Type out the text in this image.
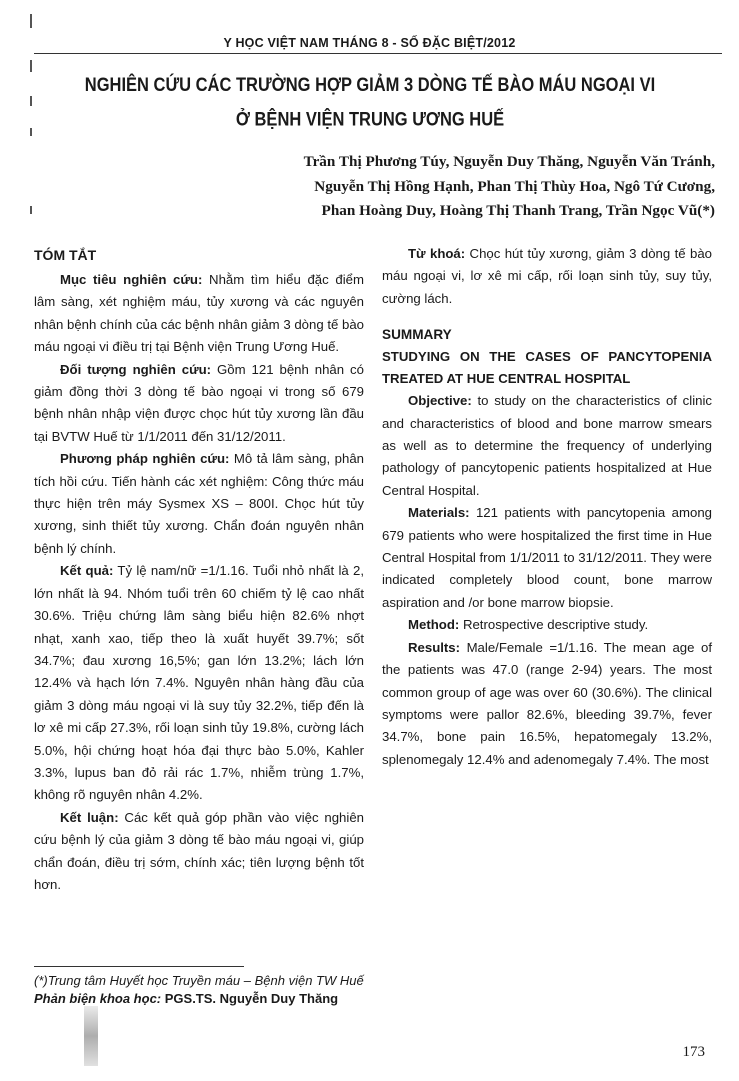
Y HỌC VIỆT NAM THÁNG 8 - SỐ ĐẶC BIỆT/2012
NGHIÊN CỨU CÁC TRƯỜNG HỢP GIẢM 3 DÒNG TẾ BÀO MÁU NGOẠI VI
Ở BỆNH VIỆN TRUNG ƯƠNG HUẾ
Trần Thị Phương Túy, Nguyễn Duy Thăng, Nguyễn Văn Tránh,
Nguyễn Thị Hồng Hạnh, Phan Thị Thùy Hoa, Ngô Tứ Cương,
Phan Hoàng Duy, Hoàng Thị Thanh Trang, Trần Ngọc Vũ(*)
TÓM TẮT

Mục tiêu nghiên cứu: Nhằm tìm hiểu đặc điểm lâm sàng, xét nghiệm máu, tủy xương và các nguyên nhân bệnh chính của các bệnh nhân giảm 3 dòng tế bào máu ngoại vi điều trị tại Bệnh viện Trung Ương Huế.

Đối tượng nghiên cứu: Gồm 121 bệnh nhân có giảm đồng thời 3 dòng tế bào ngoại vi trong số 679 bệnh nhân nhập viện được chọc hút tủy xương lần đầu tại BVTW Huế từ 1/1/2011 đến 31/12/2011.

Phương pháp nghiên cứu: Mô tả lâm sàng, phân tích hồi cứu. Tiến hành các xét nghiệm: Công thức máu thực hiện trên máy Sysmex XS – 800I. Chọc hút tủy xương, sinh thiết tủy xương. Chẩn đoán nguyên nhân bệnh lý chính.

Kết quả: Tỷ lệ nam/nữ =1/1.16. Tuổi nhỏ nhất là 2, lớn nhất là 94. Nhóm tuổi trên 60 chiếm tỷ lệ cao nhất 30.6%. Triệu chứng lâm sàng biểu hiện 82.6% nhợt nhạt, xanh xao, tiếp theo là xuất huyết 39.7%; sốt 34.7%; đau xương 16,5%; gan lớn 13.2%; lách lớn 12.4% và hạch lớn 7.4%. Nguyên nhân hàng đầu của giảm 3 dòng máu ngoại vi là suy tủy 32.2%, tiếp đến là lơ xê mi cấp 27.3%, rối loạn sinh tủy 19.8%, cường lách 5.0%, hội chứng hoạt hóa đại thực bào 5.0%, Kahler 3.3%, lupus ban đỏ rải rác 1.7%, nhiễm trùng 1.7%, không rõ nguyên nhân 4.2%.

Kết luận: Các kết quả góp phần vào việc nghiên cứu bệnh lý của giảm 3 dòng tế bào máu ngoại vi, giúp chẩn đoán, điều trị sớm, chính xác; tiên lượng bệnh tốt hơn.

Từ khoá: Chọc hút tủy xương, giảm 3 dòng tế bào máu ngoại vi, lơ xê mi cấp, rối loạn sinh tủy, suy tủy, cường lách.

SUMMARY

STUDYING ON THE CASES OF PANCYTOPENIA TREATED AT HUE CENTRAL HOSPITAL

Objective: to study on the characteristics of clinic and characteristics of blood and bone marrow smears as well as to determine the frequency of underlying pathology of pancytopenic patients hospitalized at Hue Central Hospital.

Materials: 121 patients with pancytopenia among 679 patients who were hospitalized the first time in Hue Central Hospital from 1/1/2011 to 31/12/2011. They were indicated completely blood count, bone marrow aspiration and /or bone marrow biopsie.

Method: Retrospective descriptive study.

Results: Male/Female =1/1.16. The mean age of the patients was 47.0 (range 2-94) years. The most common group of age was over 60 (30.6%). The clinical symptoms were pallor 82.6%, bleeding 39.7%, fever 34.7%, bone pain 16.5%, hepatomegaly 13.2%, splenomegaly 12.4% and adenomegaly 7.4%. The most

(*)Trung tâm Huyết học Truyền máu – Bệnh viện TW Huế
Phản biện khoa học: PGS.TS. Nguyễn Duy Thăng
173
